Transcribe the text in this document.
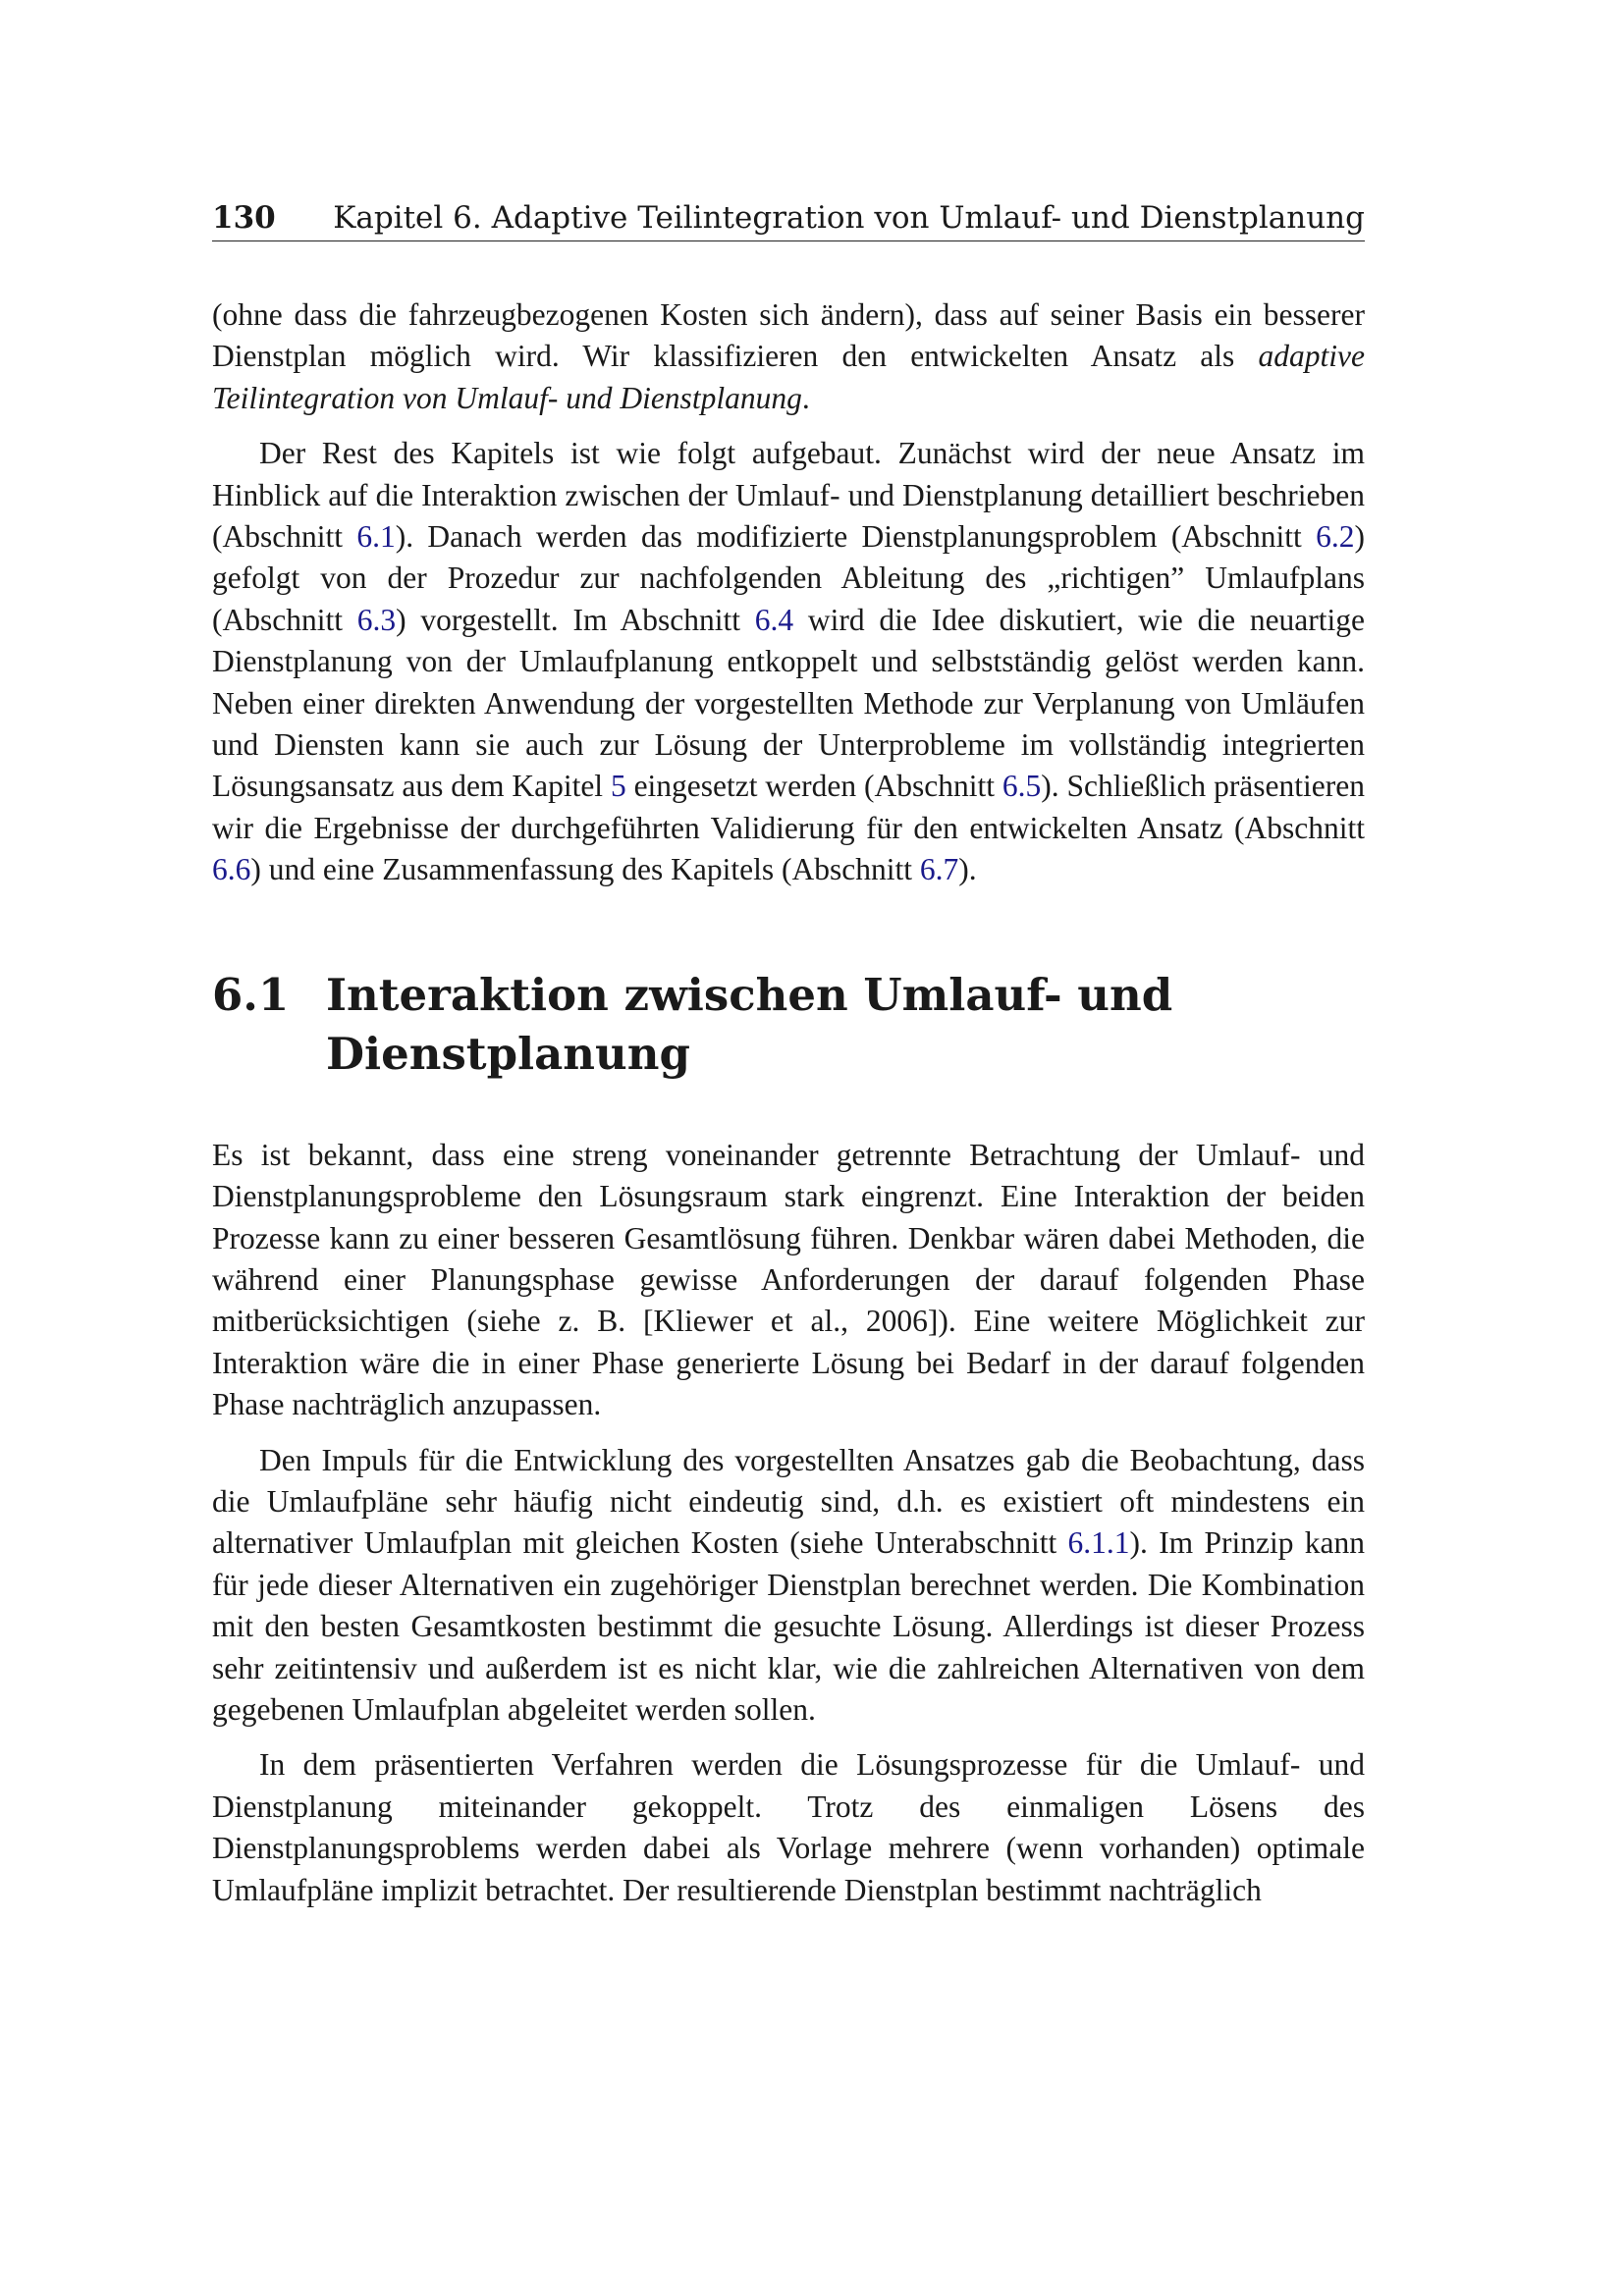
130 Kapitel 6. Adaptive Teilintegration von Umlauf- und Dienstplanung

(ohne dass die fahrzeugbezogenen Kosten sich ändern), dass auf seiner Basis ein besserer Dienstplan möglich wird. Wir klassifizieren den entwickelten Ansatz als adaptive Teilintegration von Umlauf- und Dienstplanung.

Der Rest des Kapitels ist wie folgt aufgebaut. Zunächst wird der neue Ansatz im Hinblick auf die Interaktion zwischen der Umlauf- und Dienstplanung detailliert beschrieben (Abschnitt 6.1). Danach werden das modifizierte Dienstplanungsproblem (Abschnitt 6.2) gefolgt von der Prozedur zur nachfolgenden Ableitung des „richtigen” Umlaufplans (Abschnitt 6.3) vorgestellt. Im Abschnitt 6.4 wird die Idee diskutiert, wie die neuartige Dienstplanung von der Umlaufplanung entkoppelt und selbstständig gelöst werden kann. Neben einer direkten Anwendung der vorgestellten Methode zur Verplanung von Umläufen und Diensten kann sie auch zur Lösung der Unterprobleme im vollständig integrierten Lösungsansatz aus dem Kapitel 5 eingesetzt werden (Abschnitt 6.5). Schließlich präsentieren wir die Ergebnisse der durchgeführten Validierung für den entwickelten Ansatz (Abschnitt 6.6) und eine Zusammenfassung des Kapitels (Abschnitt 6.7).

6.1 Interaktion zwischen Umlauf- und Dienstplanung

Es ist bekannt, dass eine streng voneinander getrennte Betrachtung der Umlauf- und Dienstplanungsprobleme den Lösungsraum stark eingrenzt. Eine Interaktion der beiden Prozesse kann zu einer besseren Gesamtlösung führen. Denkbar wären dabei Methoden, die während einer Planungsphase gewisse Anforderungen der darauf folgenden Phase mitberücksichtigen (siehe z. B. [Kliewer et al., 2006]). Eine weitere Möglichkeit zur Interaktion wäre die in einer Phase generierte Lösung bei Bedarf in der darauf folgenden Phase nachträglich anzupassen.

Den Impuls für die Entwicklung des vorgestellten Ansatzes gab die Beobachtung, dass die Umlaufpläne sehr häufig nicht eindeutig sind, d.h. es existiert oft mindestens ein alternativer Umlaufplan mit gleichen Kosten (siehe Unterabschnitt 6.1.1). Im Prinzip kann für jede dieser Alternativen ein zugehöriger Dienstplan berechnet werden. Die Kombination mit den besten Gesamtkosten bestimmt die gesuchte Lösung. Allerdings ist dieser Prozess sehr zeitintensiv und außerdem ist es nicht klar, wie die zahlreichen Alternativen von dem gegebenen Umlaufplan abgeleitet werden sollen.

In dem präsentierten Verfahren werden die Lösungsprozesse für die Umlauf- und Dienstplanung miteinander gekoppelt. Trotz des einmaligen Lösens des Dienstplanungsproblems werden dabei als Vorlage mehrere (wenn vorhanden) optimale Umlaufpläne implizit betrachtet. Der resultierende Dienstplan bestimmt nachträglich
